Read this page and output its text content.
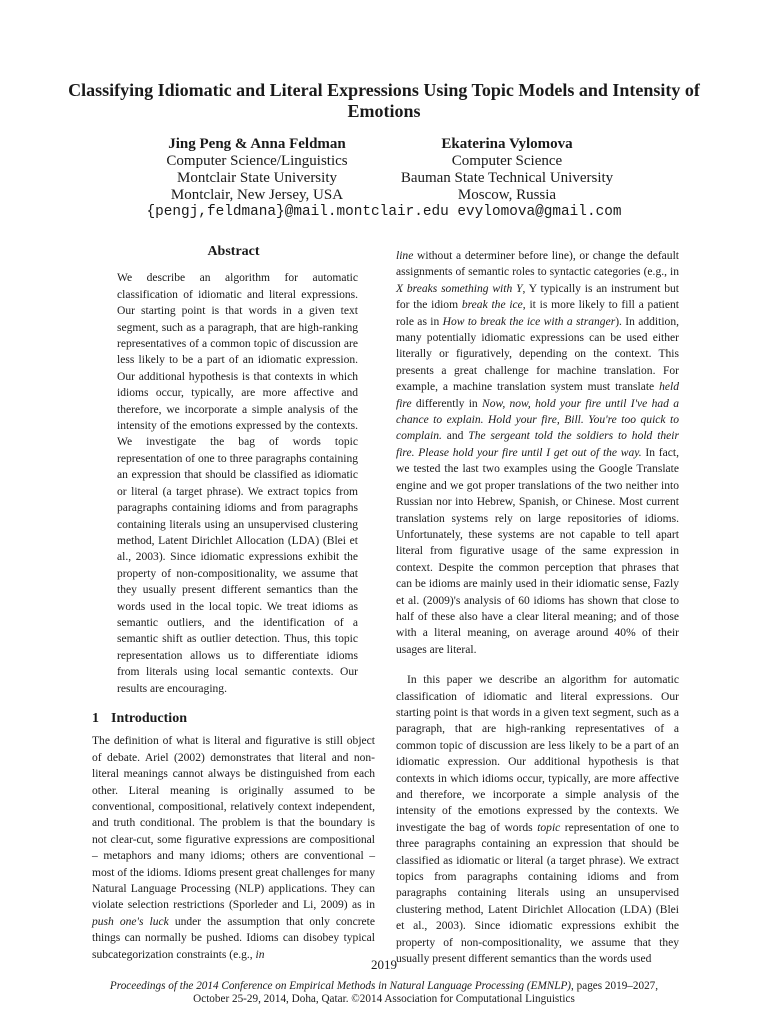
Classifying Idiomatic and Literal Expressions Using Topic Models and Intensity of Emotions
Jing Peng & Anna Feldman
Computer Science/Linguistics
Montclair State University
Montclair, New Jersey, USA
Ekaterina Vylomova
Computer Science
Bauman State Technical University
Moscow, Russia
{pengj,feldmana}@mail.montclair.edu evylomova@gmail.com
Abstract

We describe an algorithm for automatic classification of idiomatic and literal expressions. Our starting point is that words in a given text segment, such as a paragraph, that are high-ranking representatives of a common topic of discussion are less likely to be a part of an idiomatic expression. Our additional hypothesis is that contexts in which idioms occur, typically, are more affective and therefore, we incorporate a simple analysis of the intensity of the emotions expressed by the contexts. We investigate the bag of words topic representation of one to three paragraphs containing an expression that should be classified as idiomatic or literal (a target phrase). We extract topics from paragraphs containing idioms and from paragraphs containing literals using an unsupervised clustering method, Latent Dirichlet Allocation (LDA) (Blei et al., 2003). Since idiomatic expressions exhibit the property of non-compositionality, we assume that they usually present different semantics than the words used in the local topic. We treat idioms as semantic outliers, and the identification of a semantic shift as outlier detection. Thus, this topic representation allows us to differentiate idioms from literals using local semantic contexts. Our results are encouraging.

1 Introduction

The definition of what is literal and figurative is still object of debate. Ariel (2002) demonstrates that literal and non-literal meanings cannot always be distinguished from each other. Literal meaning is originally assumed to be conventional, compositional, relatively context independent, and truth conditional. The problem is that the boundary is not clear-cut, some figurative expressions are compositional – metaphors and many idioms; others are conventional – most of the idioms. Idioms present great challenges for many Natural Language Processing (NLP) applications. They can violate selection restrictions (Sporleder and Li, 2009) as in push one's luck under the assumption that only concrete things can normally be pushed. Idioms can disobey typical subcategorization constraints (e.g., in

line without a determiner before line), or change the default assignments of semantic roles to syntactic categories (e.g., in X breaks something with Y, Y typically is an instrument but for the idiom break the ice, it is more likely to fill a patient role as in How to break the ice with a stranger). In addition, many potentially idiomatic expressions can be used either literally or figuratively, depending on the context. This presents a great challenge for machine translation. For example, a machine translation system must translate held fire differently in Now, now, hold your fire until I've had a chance to explain. Hold your fire, Bill. You're too quick to complain. and The sergeant told the soldiers to hold their fire. Please hold your fire until I get out of the way. In fact, we tested the last two examples using the Google Translate engine and we got proper translations of the two neither into Russian nor into Hebrew, Spanish, or Chinese. Most current translation systems rely on large repositories of idioms. Unfortunately, these systems are not capable to tell apart literal from figurative usage of the same expression in context. Despite the common perception that phrases that can be idioms are mainly used in their idiomatic sense, Fazly et al. (2009)'s analysis of 60 idioms has shown that close to half of these also have a clear literal meaning; and of those with a literal meaning, on average around 40% of their usages are literal.

In this paper we describe an algorithm for automatic classification of idiomatic and literal expressions. Our starting point is that words in a given text segment, such as a paragraph, that are high-ranking representatives of a common topic of discussion are less likely to be a part of an idiomatic expression. Our additional hypothesis is that contexts in which idioms occur, typically, are more affective and therefore, we incorporate a simple analysis of the intensity of the emotions expressed by the contexts. We investigate the bag of words topic representation of one to three paragraphs containing an expression that should be classified as idiomatic or literal (a target phrase). We extract topics from paragraphs containing idioms and from paragraphs containing literals using an unsupervised clustering method, Latent Dirichlet Allocation (LDA) (Blei et al., 2003). Since idiomatic expressions exhibit the property of non-compositionality, we assume that they usually present different semantics than the words used

2019
Proceedings of the 2014 Conference on Empirical Methods in Natural Language Processing (EMNLP), pages 2019–2027,
October 25-29, 2014, Doha, Qatar. ©2014 Association for Computational Linguistics
